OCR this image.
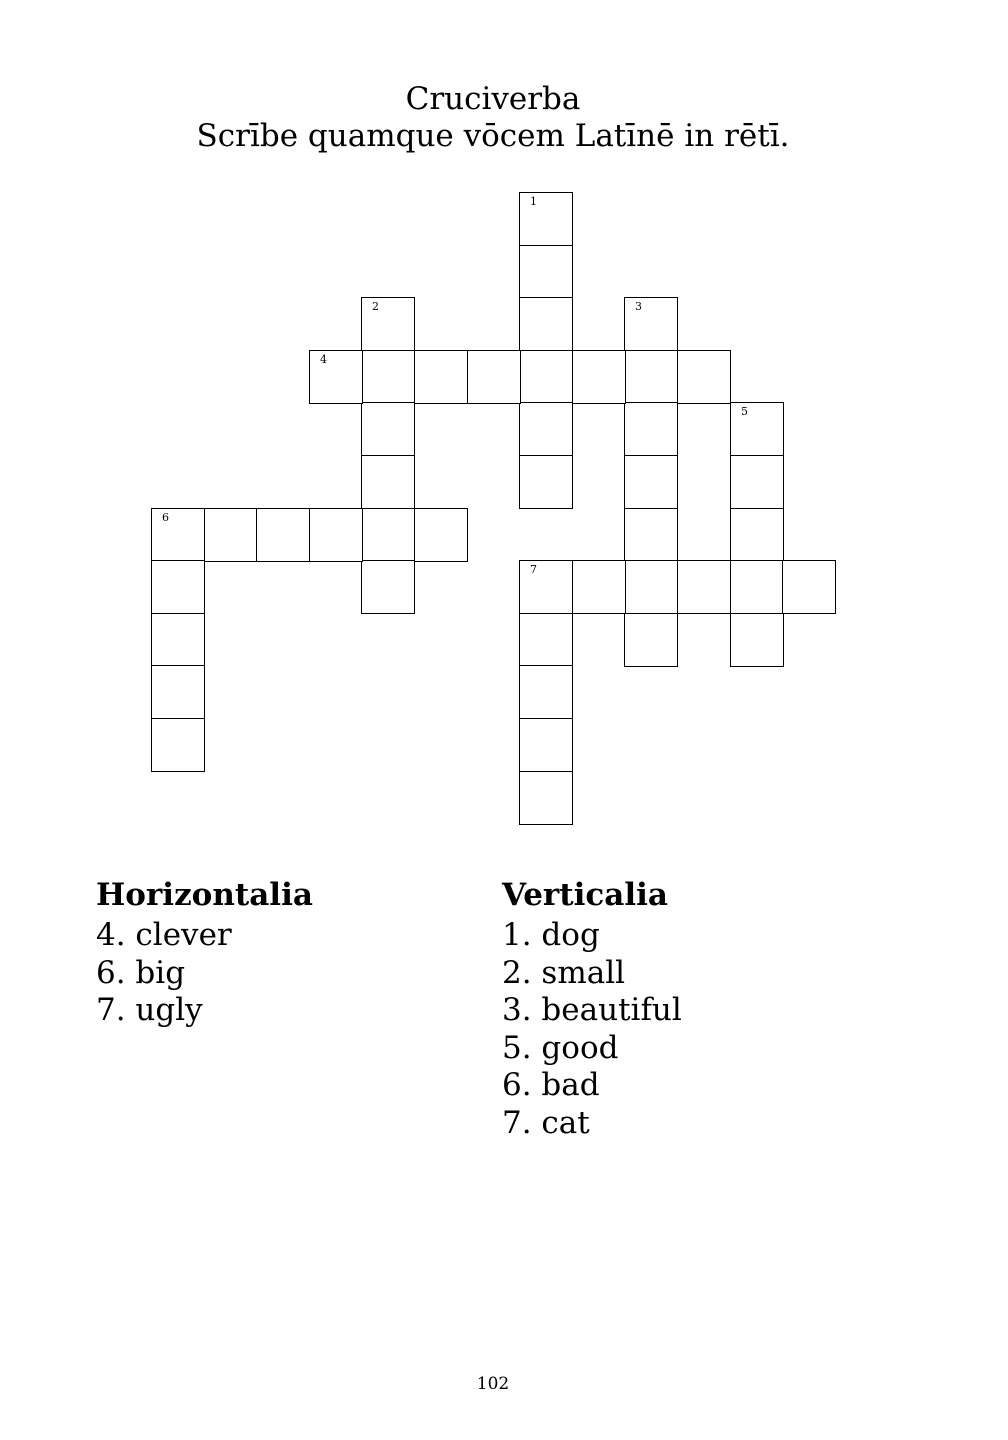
Cruciverba
Scrībe quamque vōcem Latīnē in rētī.
1
2	3
4
5
6
7
Horizontalia
4. clever
6. big
7. ugly
Verticalia
1. dog
2. small
3. beautiful
5. good
6. bad
7. cat
102
